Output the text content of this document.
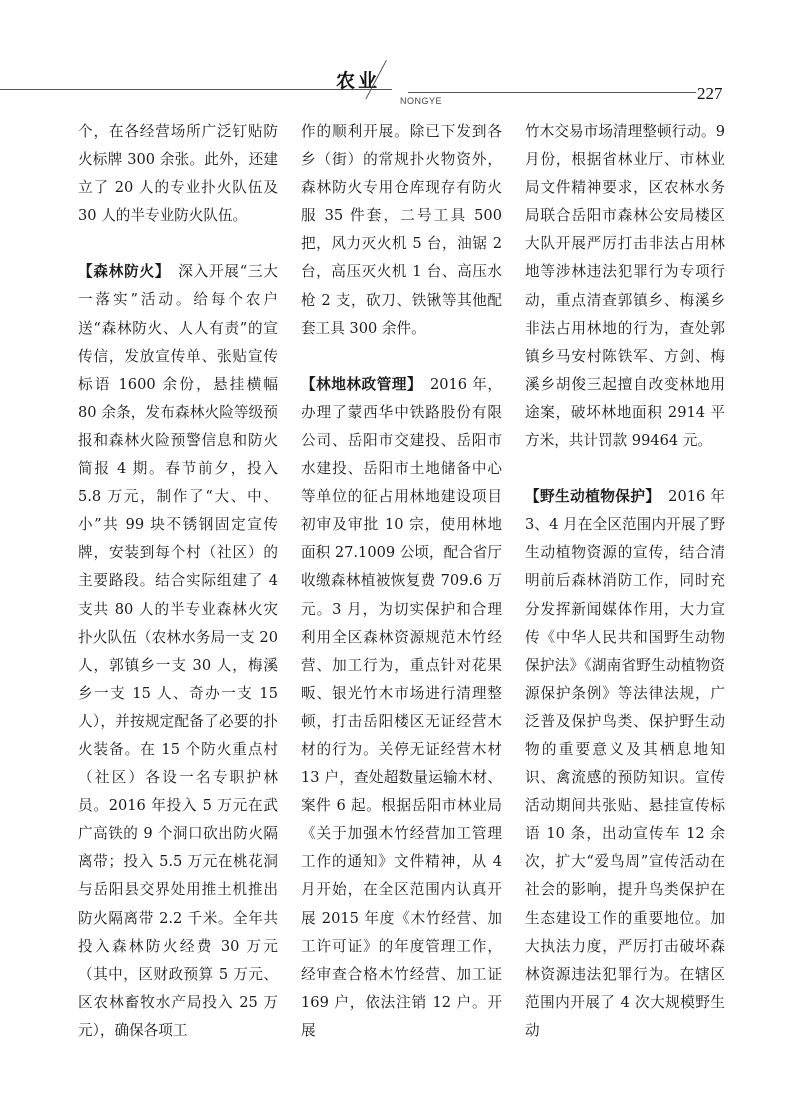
农业
NONGYE	227

个，在各经营场所广泛钉贴防火标牌 300 余张。此外，还建立了 20 人的专业扑火队伍及 30 人的半专业防火队伍。

【森林防火】　深入开展“三大一落实”活动。给每个农户送“森林防火、人人有责”的宣传信，发放宣传单、张贴宣传标语 1600 余份，悬挂横幅 80 余条，发布森林火险等级预报和森林火险预警信息和防火简报 4 期。春节前夕，投入 5.8 万元，制作了“大、中、小”共 99 块不锈钢固定宣传牌，安装到每个村（社区）的主要路段。结合实际组建了 4 支共 80 人的半专业森林火灾扑火队伍（农林水务局一支 20 人，郭镇乡一支 30 人，梅溪乡一支 15 人、奇办一支 15 人），并按规定配备了必要的扑火装备。在 15 个防火重点村（社区）各设一名专职护林员。2016 年投入 5 万元在武广高铁的 9 个洞口砍出防火隔离带；投入 5.5 万元在桃花洞与岳阳县交界处用推土机推出防火隔离带 2.2 千米。全年共投入森林防火经费 30 万元（其中，区财政预算 5 万元、区农林畜牧水产局投入 25 万元），确保各项工

作的顺利开展。除已下发到各乡（街）的常规扑火物资外，森林防火专用仓库现存有防火服 35 件套，二号工具 500 把，风力灭火机 5 台，油锯 2 台，高压灭火机 1 台、高压水枪 2 支，砍刀、铁锹等其他配套工具 300 余件。

【林地林政管理】　2016 年，办理了蒙西华中铁路股份有限公司、岳阳市交建投、岳阳市水建投、岳阳市土地储备中心等单位的征占用林地建设项目初审及审批 10 宗，使用林地面积 27.1009 公顷，配合省厅收缴森林植被恢复费 709.6 万元。3 月，为切实保护和合理利用全区森林资源规范木竹经营、加工行为，重点针对花果畈、银光竹木市场进行清理整顿，打击岳阳楼区无证经营木材的行为。关停无证经营木材 13 户，查处超数量运输木材、案件 6 起。根据岳阳市林业局《关于加强木竹经营加工管理工作的通知》文件精神，从 4 月开始，在全区范围内认真开展 2015 年度《木竹经营、加工许可证》的年度管理工作，经审查合格木竹经营、加工证 169 户，依法注销 12 户。开展

竹木交易市场清理整顿行动。9 月份，根据省林业厅、市林业局文件精神要求，区农林水务局联合岳阳市森林公安局楼区大队开展严厉打击非法占用林地等涉林违法犯罪行为专项行动，重点清查郭镇乡、梅溪乡非法占用林地的行为，查处郭镇乡马安村陈铁军、方剑、梅溪乡胡俊三起擅自改变林地用途案，破坏林地面积 2914 平方米，共计罚款 99464 元。

【野生动植物保护】　2016 年 3、4 月在全区范围内开展了野生动植物资源的宣传，结合清明前后森林消防工作，同时充分发挥新闻媒体作用，大力宣传《中华人民共和国野生动物保护法》《湖南省野生动植物资源保护条例》等法律法规，广泛普及保护鸟类、保护野生动物的重要意义及其栖息地知识、禽流感的预防知识。宣传活动期间共张贴、悬挂宣传标语 10 条，出动宣传车 12 余次，扩大“爱鸟周”宣传活动在社会的影响，提升鸟类保护在生态建设工作的重要地位。加大执法力度，严厉打击破坏森林资源违法犯罪行为。在辖区范围内开展了 4 次大规模野生动
